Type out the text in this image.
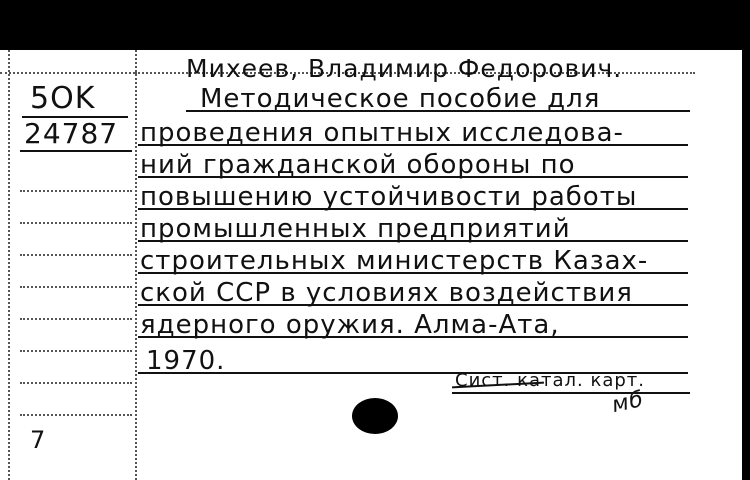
5OK
24787
Михеев, Владимир Федорович.
Методическое пособие для
проведения опытных исследова-
ний гражданской обороны по
повышению устойчивости работы
промышленных предприятий
строительных министерств Казах-
ской ССР в условиях воздействия
ядерного оружия. Алма-Ата,
1970.
Сист. катал. карт.
мб
7
